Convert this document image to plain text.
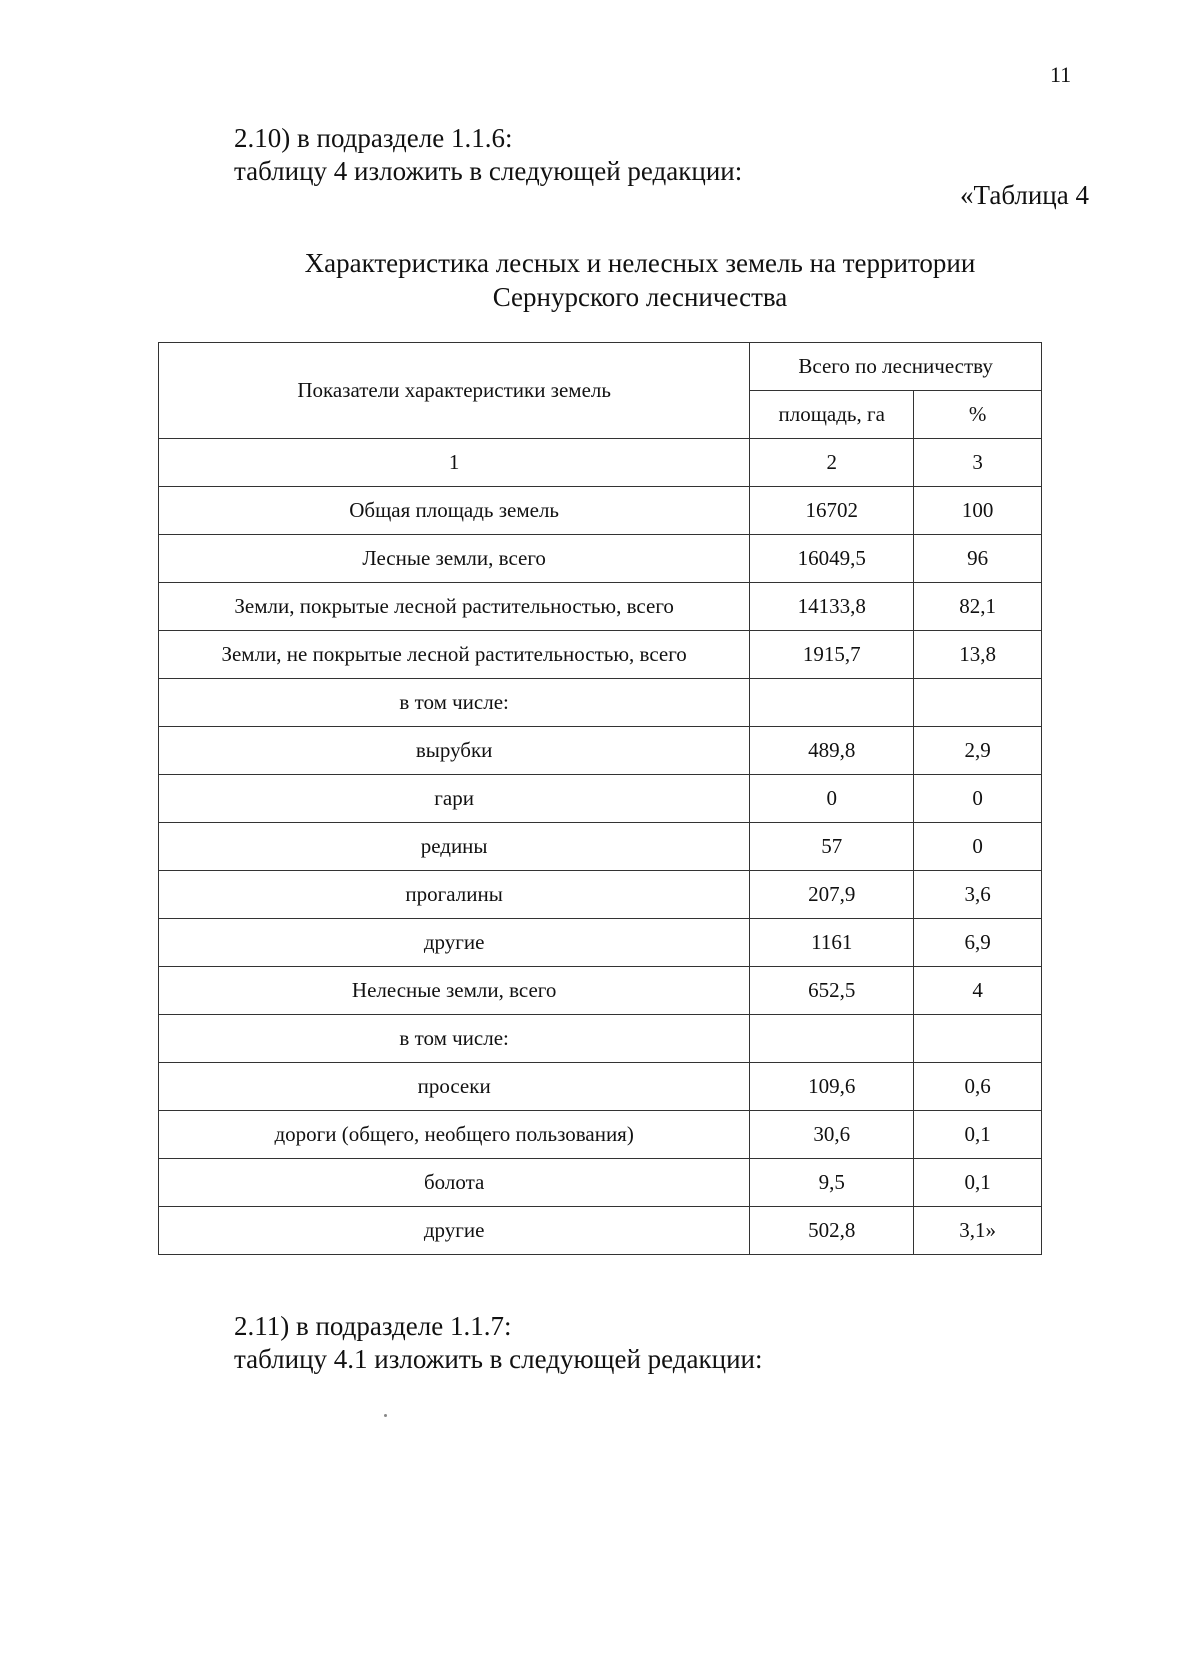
11
2.10) в подразделе 1.1.6:
таблицу 4 изложить в следующей редакции:
«Таблица 4
Характеристика лесных и нелесных земель на территории
Сернурского лесничества
Показатели характеристики земель	Всего по лесничеству	
	площадь, га	%
1	2	3
Общая площадь земель	16702	100
Лесные земли, всего	16049,5	96
Земли, покрытые лесной растительностью, всего	14133,8	82,1
Земли, не покрытые лесной растительностью, всего	1915,7	13,8
в том числе:		
вырубки	489,8	2,9
гари	0	0
редины	57	0
прогалины	207,9	3,6
другие	1161	6,9
Нелесные земли, всего	652,5	4
в том числе:		
просеки	109,6	0,6
дороги (общего, необщего пользования)	30,6	0,1
болота	9,5	0,1
другие	502,8	3,1»
2.11) в подразделе 1.1.7:
таблицу 4.1 изложить в следующей редакции:
